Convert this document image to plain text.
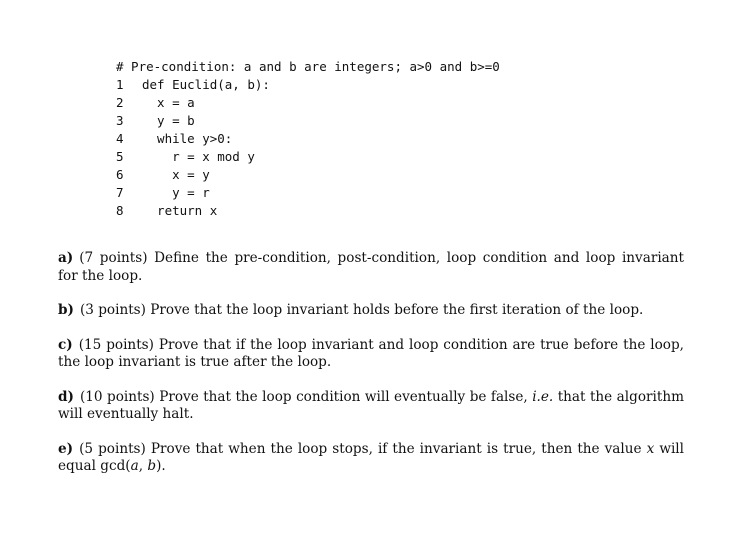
# Pre-condition: a and b are integers; a>0 and b>=0
1 def Euclid(a, b):
2  x = a
3  y = b
4  while y>0:
5    r = x mod y
6    x = y
7    y = r
8  return x

a) (7 points) Define the pre-condition, post-condition, loop condition and loop invariant for the loop.

b) (3 points) Prove that the loop invariant holds before the first iteration of the loop.

c) (15 points) Prove that if the loop invariant and loop condition are true before the loop, the loop invariant is true after the loop.

d) (10 points) Prove that the loop condition will eventually be false, i.e. that the algorithm will eventually halt.

e) (5 points) Prove that when the loop stops, if the invariant is true, then the value x will equal gcd(a, b).
